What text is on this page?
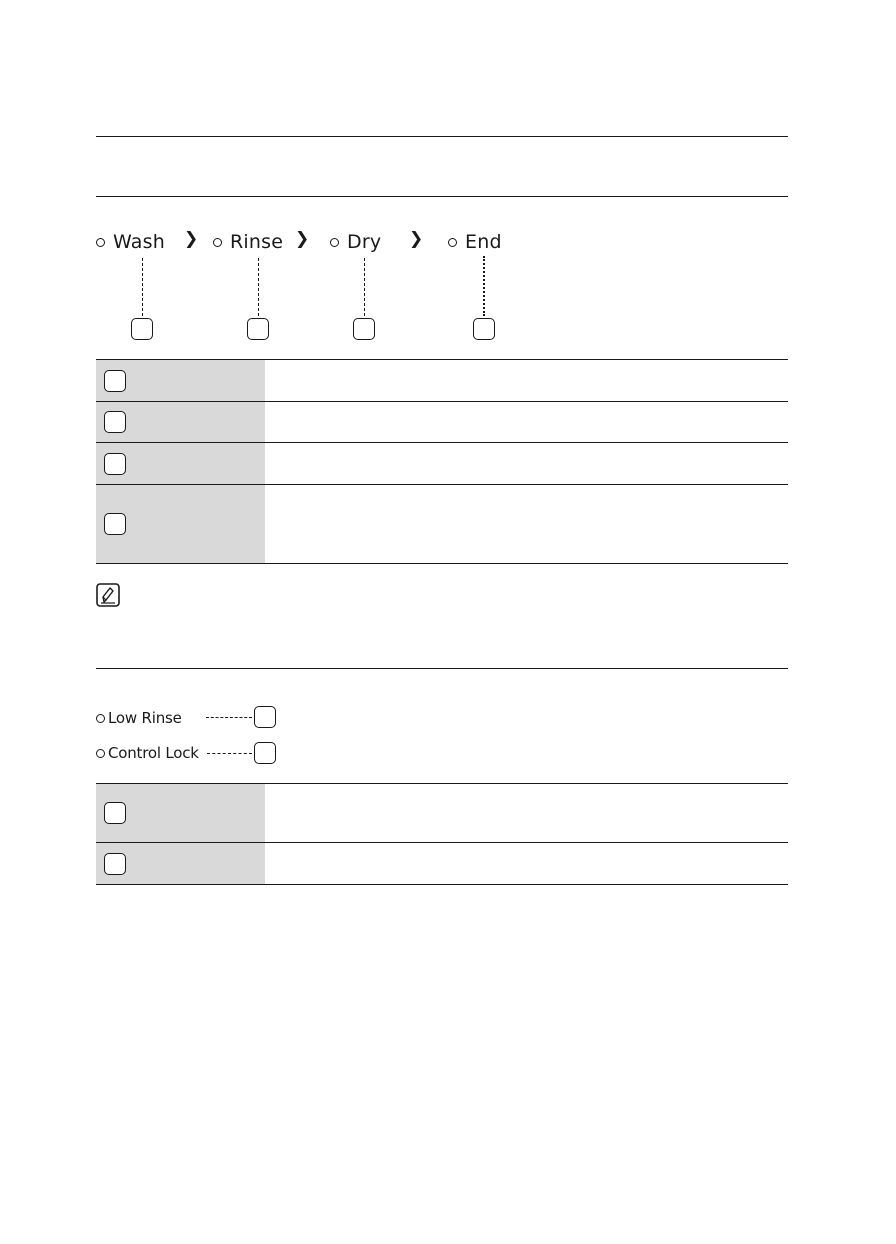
Wash ❯ Rinse ❯ Dry ❯ End
Low Rinse
Control Lock
